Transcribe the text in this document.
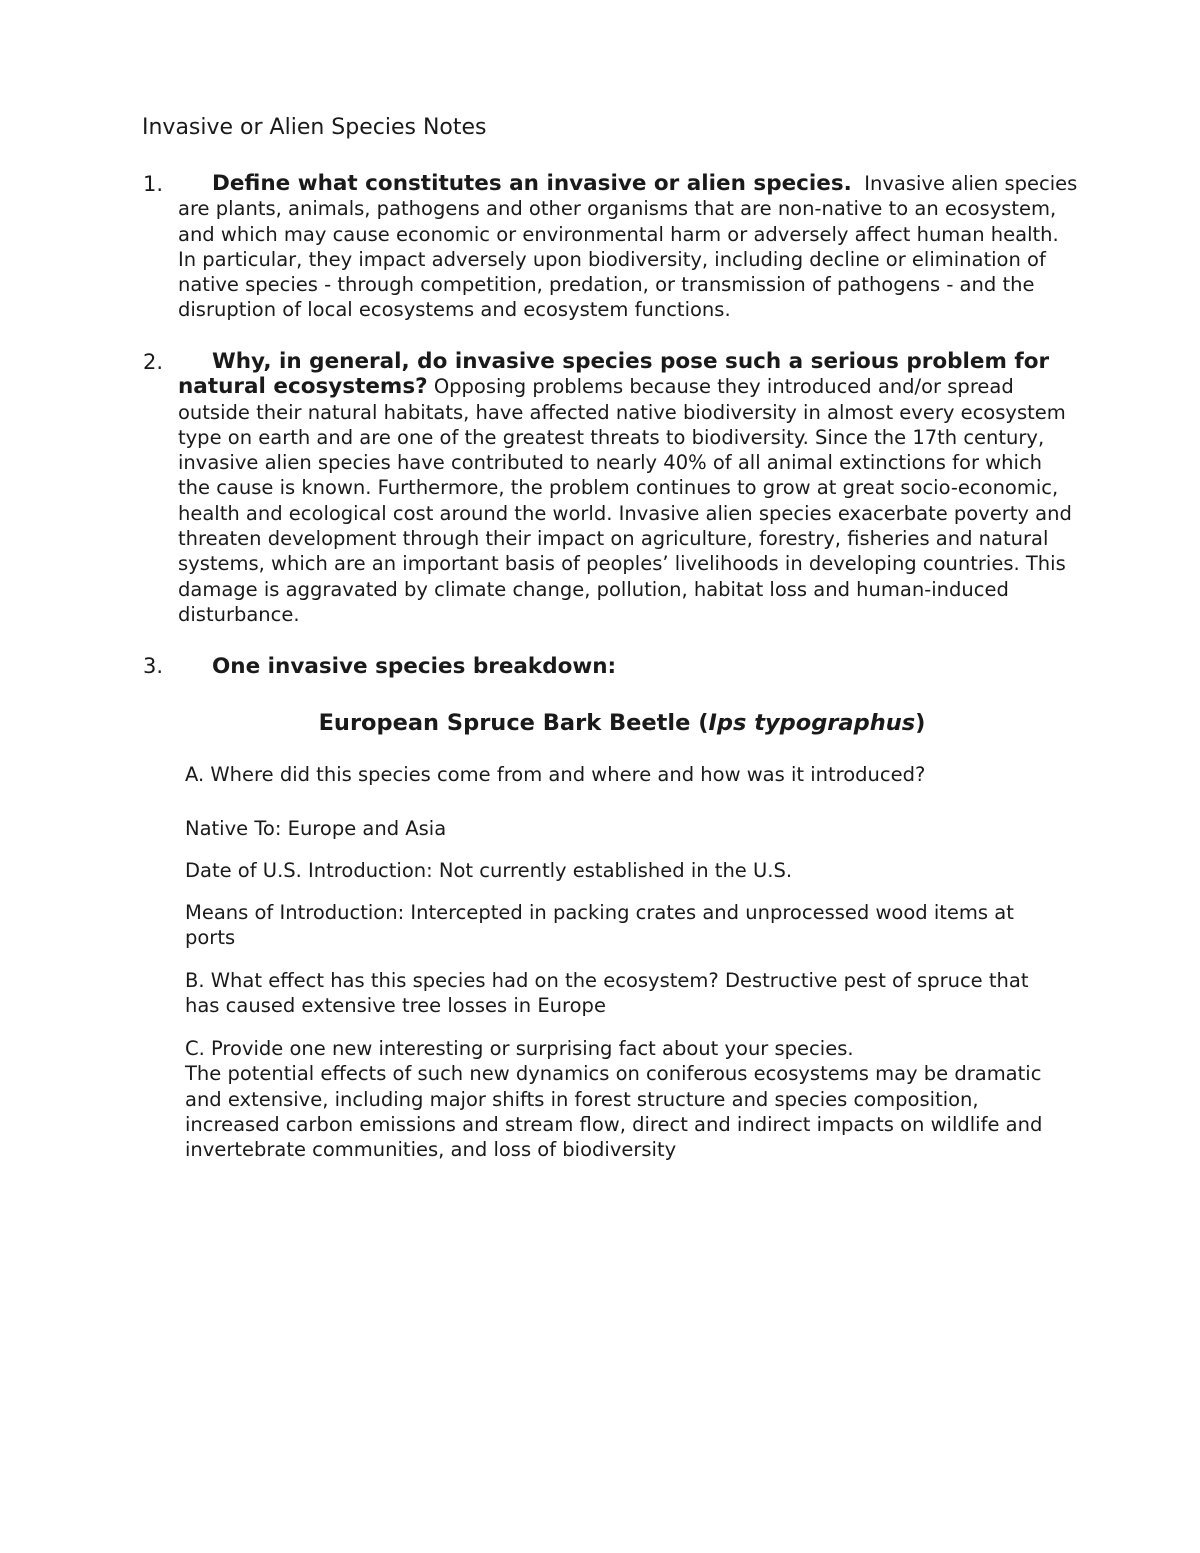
Invasive or Alien Species Notes
1.	Define what constitutes an invasive or alien species. Invasive alien species are plants, animals, pathogens and other organisms that are non-native to an ecosystem, and which may cause economic or environmental harm or adversely affect human health. In particular, they impact adversely upon biodiversity, including decline or elimination of native species - through competition, predation, or transmission of pathogens - and the disruption of local ecosystems and ecosystem functions.
2.	Why, in general, do invasive species pose such a serious problem for natural ecosystems? Opposing problems because they introduced and/or spread outside their natural habitats, have affected native biodiversity in almost every ecosystem type on earth and are one of the greatest threats to biodiversity. Since the 17th century, invasive alien species have contributed to nearly 40% of all animal extinctions for which the cause is known. Furthermore, the problem continues to grow at great socio-economic, health and ecological cost around the world. Invasive alien species exacerbate poverty and threaten development through their impact on agriculture, forestry, fisheries and natural systems, which are an important basis of peoples’ livelihoods in developing countries. This damage is aggravated by climate change, pollution, habitat loss and human-induced disturbance.
3.	One invasive species breakdown:
European Spruce Bark Beetle (Ips typographus)
A. Where did this species come from and where and how was it introduced?
Native To: Europe and Asia
Date of U.S. Introduction: Not currently established in the U.S.
Means of Introduction: Intercepted in packing crates and unprocessed wood items at ports
B. What effect has this species had on the ecosystem? Destructive pest of spruce that has caused extensive tree losses in Europe
C. Provide one new interesting or surprising fact about your species.
The potential effects of such new dynamics on coniferous ecosystems may be dramatic and extensive, including major shifts in forest structure and species composition, increased carbon emissions and stream flow, direct and indirect impacts on wildlife and invertebrate communities, and loss of biodiversity
